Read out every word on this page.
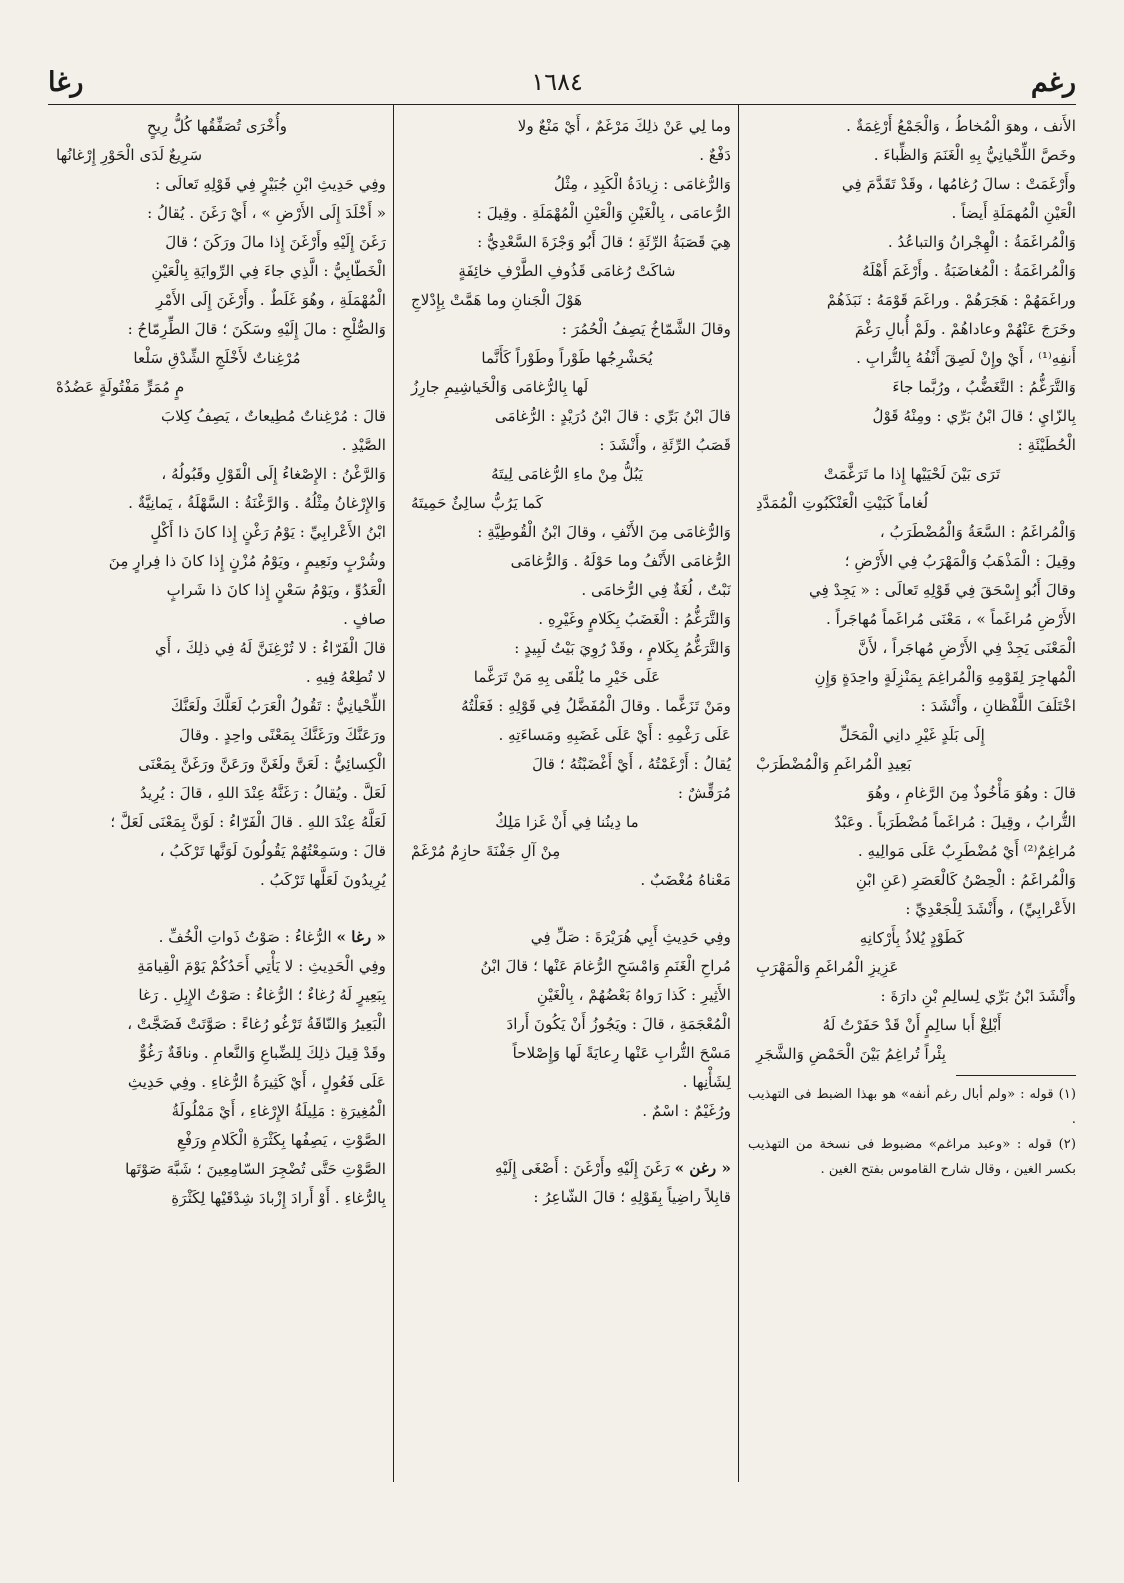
رغم
١٦٨٤
رغا

الأَنف ، وهوَ الْمُخاطُ ، وَالْجَمْعُ أَرْغِمَةٌ .

وخَصَّ اللِّحْيانِيُّ بِهِ الْغَنَمَ وَالظِّباءَ .

وأَرْغَمَتْ : سالَ رُغامُها ، وقَدْ تَقَدَّمَ فِي

الْعَيْنِ الْمُهمَلَةِ أَيضاً .

وَالْمُراغَمَةُ : الْهِجْرانُ وَالتباعُدُ .

وَالْمُراغَمَةُ : الْمُغاضَبَةُ . وأَرْغَمَ أَهْلَهُ

وراغَمَهُمْ : هَجَرَهُمْ . وراغَمَ قَوْمَهُ : نَبَذَهُمْ

وخَرَجَ عَنْهُمْ وعاداهُمْ . ولَمْ أُبالِ رَغْمَ

أَنفِهِ⁽¹⁾ ، أَيْ وإِنْ لَصِقَ أَنْفُهُ بِالتُّرابِ .

وَالتَّرَغُّمُ : التَّغَضُّبُ ، ورُبَّما جاءَ

بِالزّايِ ؛ قالَ ابْنُ بَرِّي : ومِنْهُ قَوْلُ

الْحُطَيْئَةِ :

تَرَى بَيْنَ لَحْيَيْها إِذا ما تَرَغَّمَتْ

لُغاماً كَبَيْتِ الْعَنْكَبُوتِ الْمُمَدَّدِ

وَالْمُراغَمُ : السَّعَةُ وَالْمُضْطَرَبُ ،

وقِيلَ : الْمَذْهَبُ وَالْمَهْرَبُ فِي الأَرْضِ ؛

وقالَ أَبُو إِسْحَقَ فِي قَوْلِهِ تَعالَى : « يَجِدْ فِي

الأَرْضِ مُراغَماً » ، مَعْنَى مُراغَماً مُهاجَراً .

الْمَعْنَى يَجِدْ فِي الأَرْضِ مُهاجَراً ، لأَنَّ

الْمُهاجِرَ لِقَوْمِهِ وَالْمُراغِمَ بِمَنْزِلَةٍ واحِدَةٍ وَإِنِ

اخْتَلَفَ اللَّفْظانِ ، وأَنْشَدَ :

إِلَى بَلَدٍ غَيْرِ دانِي الْمَحَلِّ

بَعِيدِ الْمُراغَمِ وَالْمُضْطَرَبْ

قالَ : وهُوَ مَأْخُوذٌ مِنَ الرَّغامِ ، وهُوَ

التُّرابُ ، وقِيلَ : مُراغَماً مُضْطَرَباً . وعَبْدٌ

مُراغِمٌ⁽²⁾ أَيْ مُضْطَرِبٌ عَلَى مَوالِيهِ .

وَالْمُراغَمُ : الْحِصْنُ كَالْعَصَرِ (عَنِ ابْنِ

الأَعْرابِيِّ) ، وأَنْشَدَ لِلْجَعْدِيِّ :

كَطَوْدٍ يُلاذُ بِأَرْكانِهِ

عَزِيزِ الْمُراغَمِ وَالْمَهْرَبِ

وأَنْشَدَ ابْنُ بَرِّي لِسالِمِ بْنِ دارَةَ :

أَبْلِغْ أَبا سالِمٍ أَنْ قَدْ حَفَرْتُ لَهُ

بِئْراً تُراغِمُ بَيْنَ الْحَمْضِ وَالشَّجَرِ

(١) قوله : «ولم أبال رغم أنفه» هو بهذا الضبط فى التهذيب .

(٢) قوله : «وعبد مراغم» مضبوط فى نسخة من التهذيب بكسر الغين ، وقال شارح القاموس بفتح الغين .

وما لِي عَنْ ذلِكَ مَرْغَمٌ ، أَيْ مَنْعٌ ولا

دَفْعٌ .

وَالرُّغامَى : زِيادَةُ الْكَبِدِ ، مِثْلُ

الرُّعامَى ، بِالْغَيْنِ وَالْعَيْنِ الْمُهْمَلَةِ . وقِيلَ :

هِيَ قَصَبَةُ الرِّئَةِ ؛ قالَ أَبُو وَجْزَةَ السَّعْدِيُّ :

شاكَتْ رُغامَى قَذُوفِ الطَّرْفِ خائِفَةٍ

هَوْلَ الْجَنانِ وما هَمَّتْ بِإِدْلاجِ

وقالَ الشَّمّاخُ يَصِفُ الْحُمُرَ :

يُحَشْرِجُها طَوْراً وطَوْراً كَأَنَّما

لَها بِالرُّغامَى وَالْخَياشِيمِ جارِزُ

قالَ ابْنُ بَرِّي : قالَ ابْنُ دُرَيْدٍ : الرُّغامَى

قَصَبُ الرِّئَةِ ، وأَنْشَدَ :

يَبُلُّ مِنْ ماءِ الرُّغامَى لِيتَهُ

كَما يَرُبُّ سالِئٌ حَمِيتَهُ

وَالرُّغامَى مِنَ الأَنْفِ ، وقالَ ابْنُ الْقُوطِيَّةِ :

الرُّغامَى الأَنْفُ وما حَوْلَهُ . وَالرُّغامَى

نَبْتٌ ، لُغَةٌ فِي الرُّخامَى .

وَالتَّرَغُّمُ : الْغَضَبُ بِكَلامٍ وغَيْرِهِ .

وَالتَّرَغُّمُ بِكَلامٍ ، وقَدْ رُوِيَ بَيْتُ لَبِيدٍ :

عَلَى خَيْرِ ما يُلْقَى بِهِ مَنْ تَرَغَّما

ومَنْ تَزَغَّما . وقالَ الْمُفَضَّلُ فِي قَوْلِهِ : فَعَلْتُهُ

عَلَى رَغْمِهِ : أَيْ عَلَى غَضَبِهِ ومَساءَتِهِ .

يُقالُ : أَرْغَمْتُهُ ، أَيْ أَغْضَبْتُهُ ؛ قالَ

مُرَقِّشٌ :

ما دِينُنا فِي أَنْ غَزا مَلِكٌ

مِنْ آلِ جَفْنَةَ حازِمٌ مُرْغَمْ

مَعْناهُ مُغْضَبٌ .

وفِي حَدِيثِ أَبِي هُرَيْرَةَ : صَلِّ فِي

مُراحِ الْغَنَمِ وَامْسَحِ الرُّغامَ عَنْها ؛ قالَ ابْنُ

الأَثِيرِ : كَذا رَواهُ بَعْضُهُمْ ، بِالْغَيْنِ

الْمُعْجَمَةِ ، قالَ : ويَجُوزُ أَنْ يَكُونَ أَرادَ

مَسْحَ التُّرابِ عَنْها رِعايَةً لَها وَإِصْلاحاً

لِشَأْنِها .

ورُغَيْمٌ : اسْمٌ .

« رغن » رَغَنَ إِلَيْهِ وأَرْغَنَ : أَصْغَى إِلَيْهِ

قابِلاً راضِياً بِقَوْلِهِ ؛ قالَ الشّاعِرُ :

وأُخْرَى تُصَفِّقُها كُلُّ رِيحٍ

سَرِيعٌ لَدَى الْحَوْرِ إِرْغانُها

وفِي حَدِيثِ ابْنِ جُبَيْرٍ فِي قَوْلِهِ تَعالَى :

« أَخْلَدَ إِلَى الأَرْضِ » ، أَيْ رَغَنَ . يُقالُ :

رَغَنَ إِلَيْهِ وأَرْغَنَ إِذا مالَ ورَكَنَ ؛ قالَ

الْخَطّابِيُّ : الَّذِي جاءَ فِي الرِّوايَةِ بِالْعَيْنِ

الْمُهْمَلَةِ ، وهُوَ غَلَطٌ . وأَرْغَنَ إِلَى الأَمْرِ

وَالصُّلْحِ : مالَ إِلَيْهِ وسَكَنَ ؛ قالَ الطِّرِمّاحُ :

مُرْغِناتٌ لأَخْلَجِ الشِّدْقِ سَلْعا

مٍ مُمَرٍّ مَفْتُولَةٍ عَضُدُهْ

قالَ : مُرْغِناتٌ مُطِيعاتٌ ، يَصِفُ كِلابَ

الصَّيْدِ .

وَالرَّغْنُ : الإِصْغاءُ إِلَى الْقَوْلِ وقَبُولُهُ ،

وَالإِرْغانُ مِثْلُهُ . وَالرَّغْنَةُ : السَّهْلَةُ ، يَمانِيَّةٌ .

ابْنُ الأَعْرابِيِّ : يَوْمُ رَغْنٍ إِذا كانَ ذا أَكْلٍ

وشُرْبٍ ونَعِيمٍ ، ويَوْمُ مُزْنٍ إِذا كانَ ذا فِرارٍ مِنَ

الْعَدُوِّ ، ويَوْمُ سَعْنٍ إِذا كانَ ذا شَرابٍ

صافٍ .

قالَ الْفَرّاءُ : لا تُرْغِنَنَّ لَهُ فِي ذلِكَ ، أَي

لا تُطِعْهُ فِيهِ .

اللِّحْيانِيُّ : تَقُولُ الْعَرَبُ لَعَلَّكَ ولَعَنَّكَ

ورَعَنَّكَ ورَغَنَّكَ بِمَعْنًى واحِدٍ . وقالَ

الْكِسائِيُّ : لَعَنَّ ولَغَنَّ ورَعَنَّ ورَغَنَّ بِمَعْنَى

لَعَلَّ . ويُقالُ : رَغَنَّهُ عِنْدَ اللهِ ، قالَ : يُرِيدُ

لَعَلَّهُ عِنْدَ اللهِ . قالَ الْفَرّاءُ : لَوَنَّ بِمَعْنَى لَعَلَّ ؛

قالَ : وسَمِعْتُهُمْ يَقُولُونَ لَوَنَّها تَرْكَبُ ،

يُرِيدُونَ لَعَلَّها تَرْكَبُ .

« رغا » الرُّغاءُ : صَوْتُ ذَواتِ الْخُفِّ .

وفِي الْحَدِيثِ : لا يَأْتِي أَحَدُكُمْ يَوْمَ الْقِيامَةِ

بِبَعِيرٍ لَهُ رُغاءٌ ؛ الرُّغاءُ : صَوْتُ الإِبِلِ . رَغا

الْبَعِيرُ وَالنّاقَةُ تَرْغُو رُغاءً : صَوَّتَتْ فَضَجَّتْ ،

وقَدْ قِيلَ ذلِكَ لِلضِّباعِ وَالنَّعامِ . وناقَةٌ رَغُوٌّ

عَلَى فَعُولٍ ، أَيْ كَثِيرَةُ الرُّغاءِ . وفِي حَدِيثِ

الْمُغِيرَةِ : مَلِيلَةُ الإِرْغاءِ ، أَيْ مَمْلُولَةُ

الصَّوْتِ ، يَصِفُها بِكَثْرَةِ الْكَلامِ ورَفْعِ

الصَّوْتِ حَتَّى تُضْجِرَ السّامِعِينَ ؛ شَبَّهَ صَوْتَها

بِالرُّغاءِ . أَوْ أَرادَ إِزْبادَ شِدْقَيْها لِكَثْرَةِ
